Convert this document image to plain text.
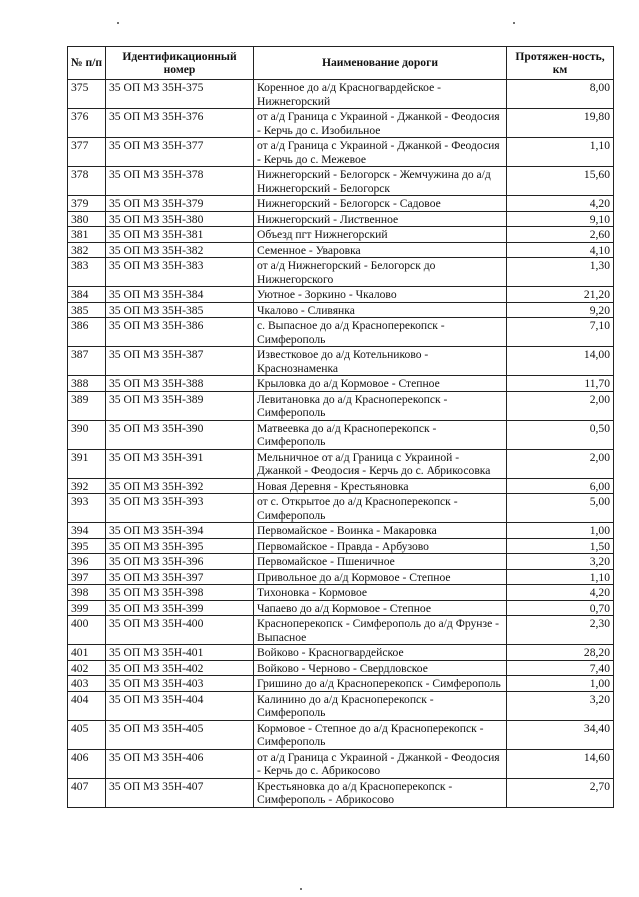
№ п/п	Идентификационный номер	Наименование дороги	Протяжен-ность, км
375	35 ОП МЗ 35Н-375	Коренное до а/д Красногвардейское - Нижнегорский	8,00
376	35 ОП МЗ 35Н-376	от а/д Граница с Украиной - Джанкой - Феодосия - Керчь до с. Изобильное	19,80
377	35 ОП МЗ 35Н-377	от а/д Граница с Украиной - Джанкой - Феодосия - Керчь до с. Межевое	1,10
378	35 ОП МЗ 35Н-378	Нижнегорский - Белогорск - Жемчужина до а/д Нижнегорский - Белогорск	15,60
379	35 ОП МЗ 35Н-379	Нижнегорский - Белогорск - Садовое	4,20
380	35 ОП МЗ 35Н-380	Нижнегорский - Лиственное	9,10
381	35 ОП МЗ 35Н-381	Объезд пгт Нижнегорский	2,60
382	35 ОП МЗ 35Н-382	Семенное - Уваровка	4,10
383	35 ОП МЗ 35Н-383	от а/д Нижнегорский - Белогорск до Нижнегорского	1,30
384	35 ОП МЗ 35Н-384	Уютное - Зоркино - Чкалово	21,20
385	35 ОП МЗ 35Н-385	Чкалово - Сливянка	9,20
386	35 ОП МЗ 35Н-386	с. Выпасное до а/д Красноперекопск - Симферополь	7,10
387	35 ОП МЗ 35Н-387	Известковое до а/д Котельниково - Краснознаменка	14,00
388	35 ОП МЗ 35Н-388	Крыловка до а/д Кормовое - Степное	11,70
389	35 ОП МЗ 35Н-389	Левитановка до а/д Красноперекопск - Симферополь	2,00
390	35 ОП МЗ 35Н-390	Матвеевка до а/д Красноперекопск - Симферополь	0,50
391	35 ОП МЗ 35Н-391	Мельничное от а/д Граница с Украиной - Джанкой - Феодосия - Керчь до с. Абрикосовка	2,00
392	35 ОП МЗ 35Н-392	Новая Деревня - Крестьяновка	6,00
393	35 ОП МЗ 35Н-393	от с. Открытое до а/д Красноперекопск - Симферополь	5,00
394	35 ОП МЗ 35Н-394	Первомайское - Воинка - Макаровка	1,00
395	35 ОП МЗ 35Н-395	Первомайское - Правда - Арбузово	1,50
396	35 ОП МЗ 35Н-396	Первомайское - Пшеничное	3,20
397	35 ОП МЗ 35Н-397	Привольное до а/д Кормовое - Степное	1,10
398	35 ОП МЗ 35Н-398	Тихоновка - Кормовое	4,20
399	35 ОП МЗ 35Н-399	Чапаево до а/д Кормовое - Степное	0,70
400	35 ОП МЗ 35Н-400	Красноперекопск - Симферополь до а/д Фрунзе - Выпасное	2,30
401	35 ОП МЗ 35Н-401	Войково - Красногвардейское	28,20
402	35 ОП МЗ 35Н-402	Войково - Черново - Свердловское	7,40
403	35 ОП МЗ 35Н-403	Гришино до а/д Красноперекопск - Симферополь	1,00
404	35 ОП МЗ 35Н-404	Калинино до а/д Красноперекопск - Симферополь	3,20
405	35 ОП МЗ 35Н-405	Кормовое - Степное до а/д Красноперекопск - Симферополь	34,40
406	35 ОП МЗ 35Н-406	от а/д Граница с Украиной - Джанкой - Феодосия - Керчь до с. Абрикосово	14,60
407	35 ОП МЗ 35Н-407	Крестьяновка до а/д Красноперекопск - Симферополь - Абрикосово	2,70
